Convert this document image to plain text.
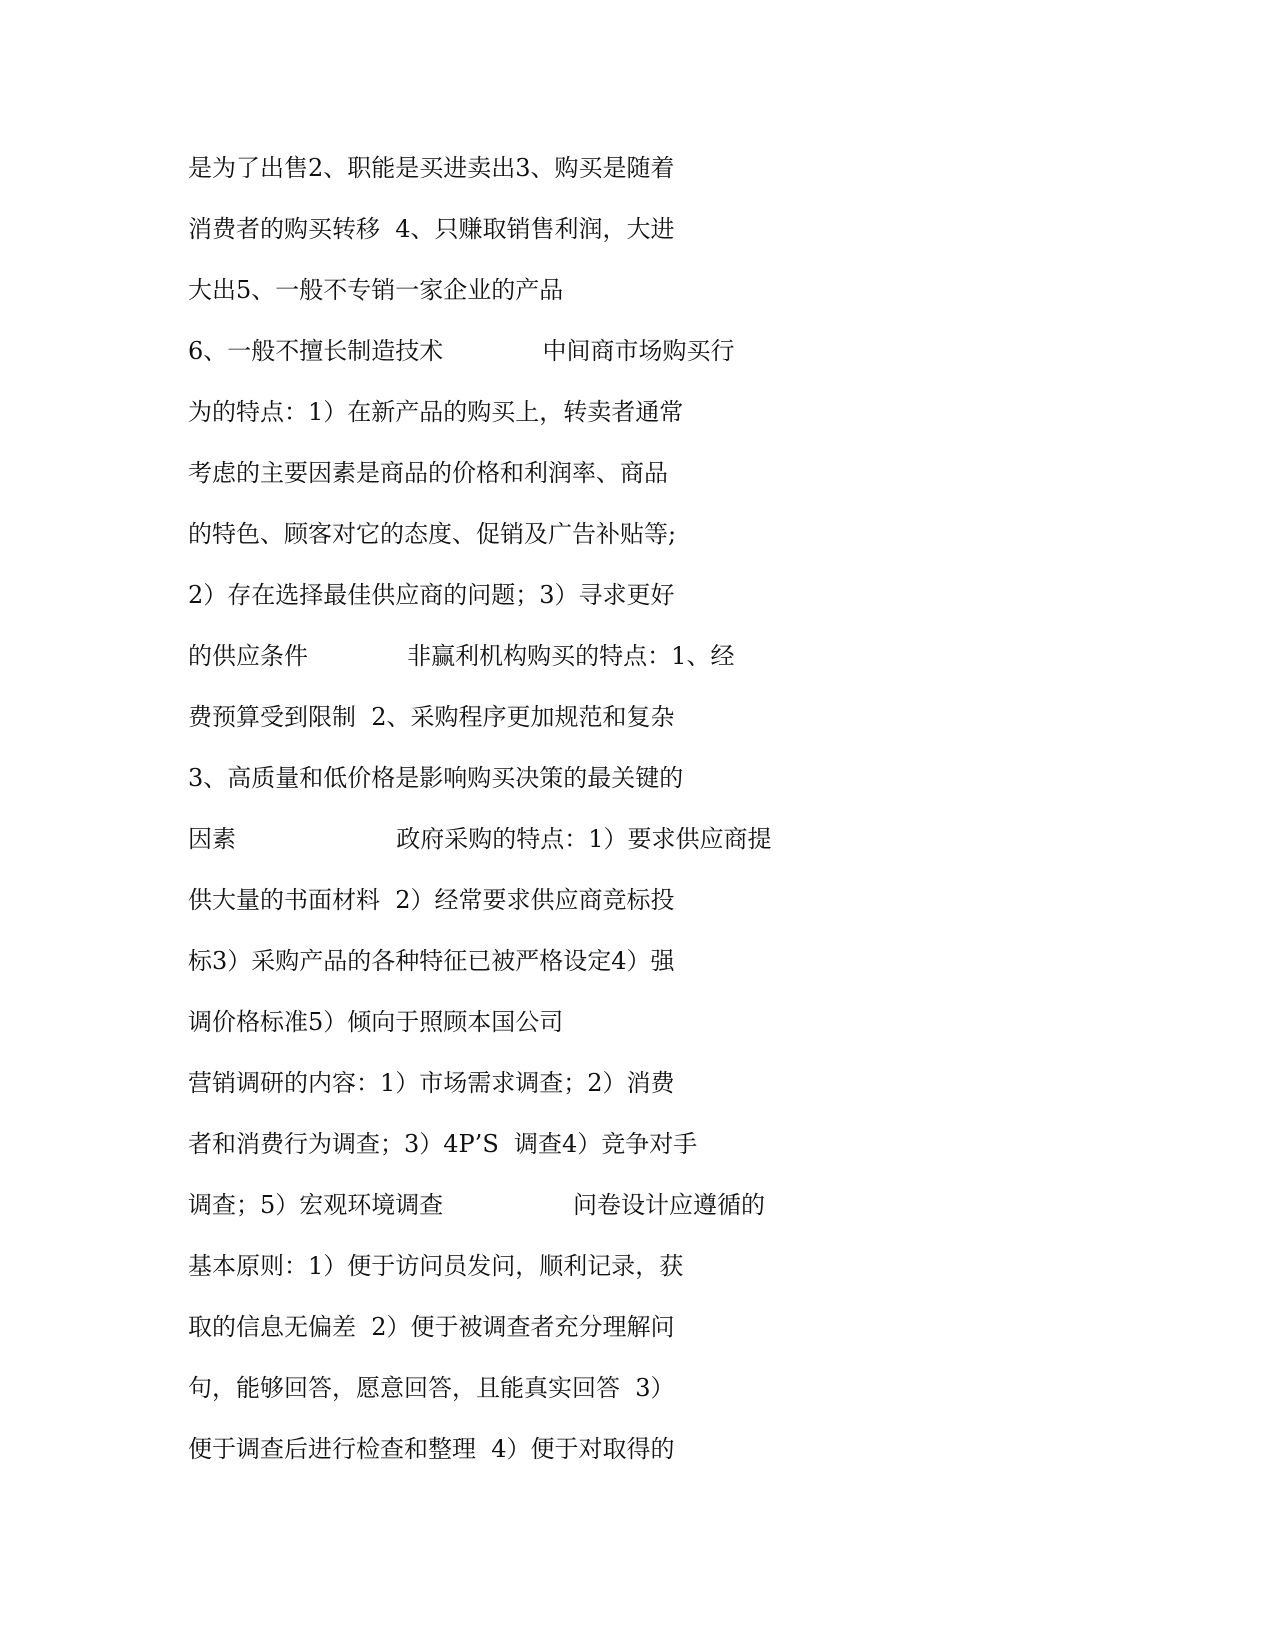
是为了出售2、职能是买进卖出3、购买是随着
消费者的购买转移  4、只赚取销售利润，大进
大出5、一般不专销一家企业的产品
6、一般不擅长制造技术             中间商市场购买行
为的特点：1）在新产品的购买上，转卖者通常
考虑的主要因素是商品的价格和利润率、商品
的特色、顾客对它的态度、促销及广告补贴等;
2）存在选择最佳供应商的问题；3）寻求更好
的供应条件             非赢利机构购买的特点：1、经
费预算受到限制  2、采购程序更加规范和复杂
3、高质量和低价格是影响购买决策的最关键的
因素                     政府采购的特点：1）要求供应商提
供大量的书面材料  2）经常要求供应商竞标投
标3）采购产品的各种特征已被严格设定4）强
调价格标准5）倾向于照顾本国公司
营销调研的内容：1）市场需求调查；2）消费
者和消费行为调查；3）4P’S  调查4）竞争对手
调查；5）宏观环境调查                 问卷设计应遵循的
基本原则：1）便于访问员发问，顺利记录，获
取的信息无偏差  2）便于被调查者充分理解问
句，能够回答，愿意回答，且能真实回答  3）
便于调查后进行检查和整理  4）便于对取得的
